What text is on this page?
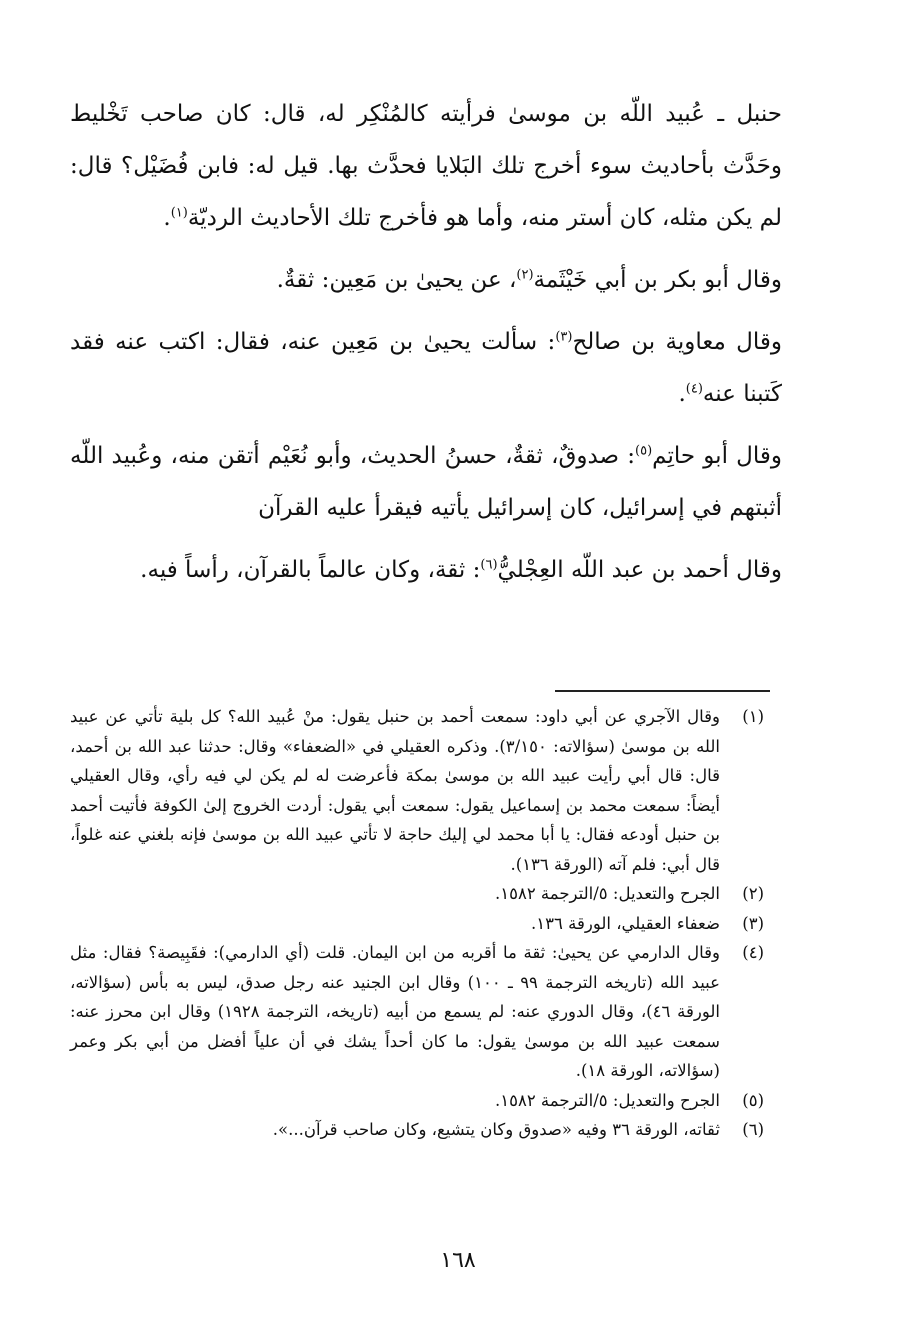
حنبل ـ عُبيد اللّه بن موسىٰ فرأيته كالمُنْكِر له، قال: كان صاحب تَخْليط وحَدَّث بأحاديث سوء أخرج تلك البَلايا فحدَّث بها. قيل له: فابن فُضَيْل؟ قال: لم يكن مثله، كان أستر منه، وأما هو فأخرج تلك الأحاديث الرديّة$^{(١)}$.

وقال أبو بكر بن أبي خَيْثَمة$^{(٢)}$، عن يحيىٰ بن مَعِين: ثقةٌ.

وقال معاوية بن صالح$^{(٣)}$: سألت يحيىٰ بن مَعِين عنه، فقال: اكتب عنه فقد كَتبنا عنه$^{(٤)}$.

وقال أبو حاتِم$^{(٥)}$: صدوقٌ، ثقةٌ، حسنُ الحديث، وأبو نُعَيْم أتقن منه، وعُبيد اللّه أثبتهم في إسرائيل، كان إسرائيل يأتيه فيقرأ عليه القرآن

وقال أحمد بن عبد اللّه العِجْليُّ$^{(٦)}$: ثقة، وكان عالماً بالقرآن، رأساً فيه.

(١)
وقال الآجري عن أبي داود: سمعت أحمد بن حنبل يقول: منْ عُبيد الله؟ كل بلية تأتي عن عبيد الله بن موسىٰ (سؤالاته: ٣/١٥٠). وذكره العقيلي في «الضعفاء» وقال: حدثنا عبد الله بن أحمد، قال: قال أبي رأيت عبيد الله بن موسىٰ بمكة فأعرضت له لم يكن لي فيه رأي، وقال العقيلي أيضاً: سمعت محمد بن إسماعيل يقول: سمعت أبي يقول: أردت الخروج إلىٰ الكوفة فأتيت أحمد بن حنبل أودعه فقال: يا أبا محمد لي إليك حاجة لا تأتي عبيد الله بن موسىٰ فإنه بلغني عنه غلواً، قال أبي: فلم آته (الورقة ١٣٦).
(٢)
الجرح والتعديل: ٥/الترجمة ١٥٨٢.
(٣)
ضعفاء العقيلي، الورقة ١٣٦.
(٤)
وقال الدارمي عن يحيىٰ: ثقة ما أقربه من ابن اليمان. قلت (أي الدارمي): فقَبِيصة؟ فقال: مثل عبيد الله (تاريخه الترجمة ٩٩ ـ ١٠٠) وقال ابن الجنيد عنه رجل صدق، ليس به بأس (سؤالاته، الورقة ٤٦)، وقال الدوري عنه: لم يسمع من أبيه (تاريخه، الترجمة ١٩٢٨) وقال ابن محرز عنه: سمعت عبيد الله بن موسىٰ يقول: ما كان أحداً يشك في أن علياً أفضل من أبي بكر وعمر (سؤالاته، الورقة ١٨).
(٥)
الجرح والتعديل: ٥/الترجمة ١٥٨٢.
(٦)
ثقاته، الورقة ٣٦ وفيه «صدوق وكان يتشيع، وكان صاحب قرآن...».
١٦٨
